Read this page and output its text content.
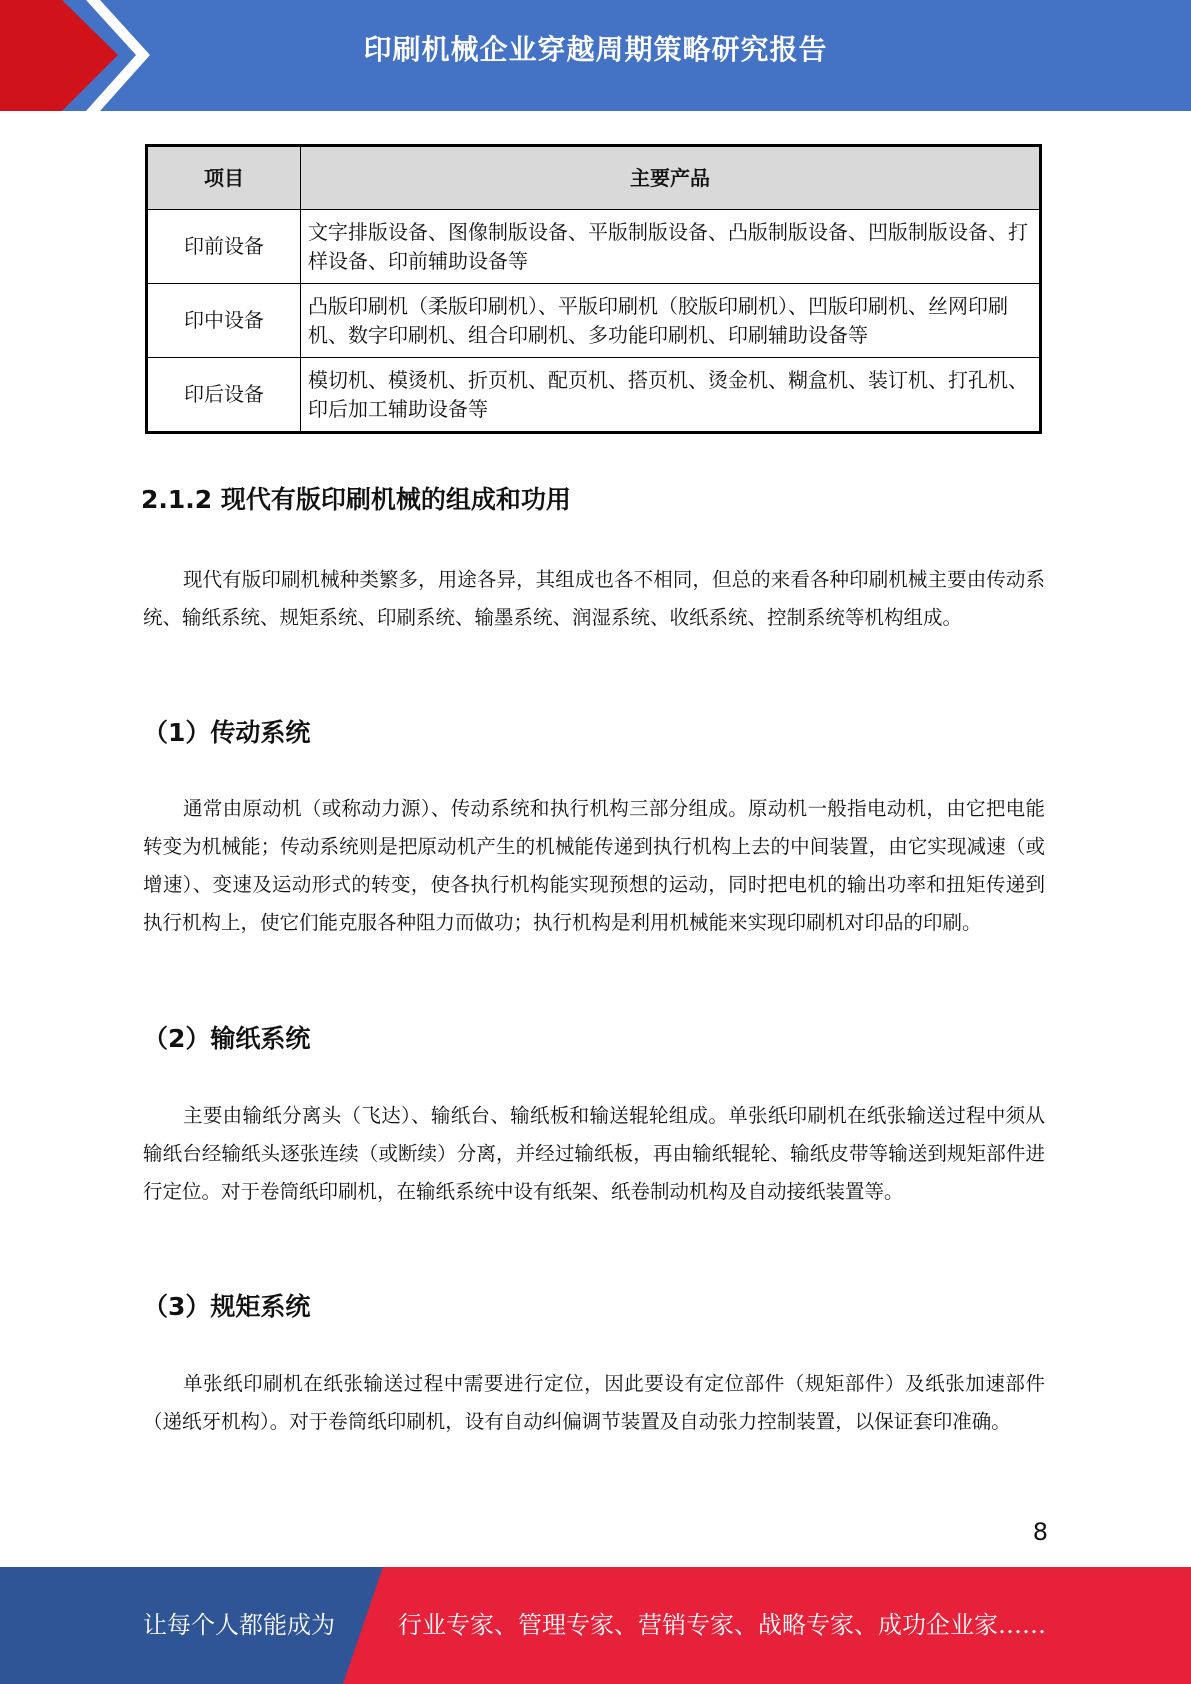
印刷机械企业穿越周期策略研究报告
项目	主要产品
印前设备	文字排版设备、图像制版设备、平版制版设备、凸版制版设备、凹版制版设备、打样设备、印前辅助设备等
印中设备	凸版印刷机（柔版印刷机）、平版印刷机（胶版印刷机）、凹版印刷机、丝网印刷机、数字印刷机、组合印刷机、多功能印刷机、印刷辅助设备等
印后设备	模切机、模烫机、折页机、配页机、搭页机、烫金机、糊盒机、装订机、打孔机、印后加工辅助设备等
2.1.2 现代有版印刷机械的组成和功用

现代有版印刷机械种类繁多，用途各异，其组成也各不相同，但总的来看各种印刷机械主要由传动系统、输纸系统、规矩系统、印刷系统、输墨系统、润湿系统、收纸系统、控制系统等机构组成。

（1）传动系统

通常由原动机（或称动力源）、传动系统和执行机构三部分组成。原动机一般指电动机，由它把电能转变为机械能；传动系统则是把原动机产生的机械能传递到执行机构上去的中间装置，由它实现减速（或增速）、变速及运动形式的转变，使各执行机构能实现预想的运动，同时把电机的输出功率和扭矩传递到执行机构上，使它们能克服各种阻力而做功；执行机构是利用机械能来实现印刷机对印品的印刷。

（2）输纸系统

主要由输纸分离头（飞达）、输纸台、输纸板和输送辊轮组成。单张纸印刷机在纸张输送过程中须从输纸台经输纸头逐张连续（或断续）分离，并经过输纸板，再由输纸辊轮、输纸皮带等输送到规矩部件进行定位。对于卷筒纸印刷机，在输纸系统中设有纸架、纸卷制动机构及自动接纸装置等。

（3）规矩系统

单张纸印刷机在纸张输送过程中需要进行定位，因此要设有定位部件（规矩部件）及纸张加速部件（递纸牙机构）。对于卷筒纸印刷机，设有自动纠偏调节装置及自动张力控制装置，以保证套印准确。

8
让每个人都能成为	行业专家、管理专家、营销专家、战略专家、成功企业家……
